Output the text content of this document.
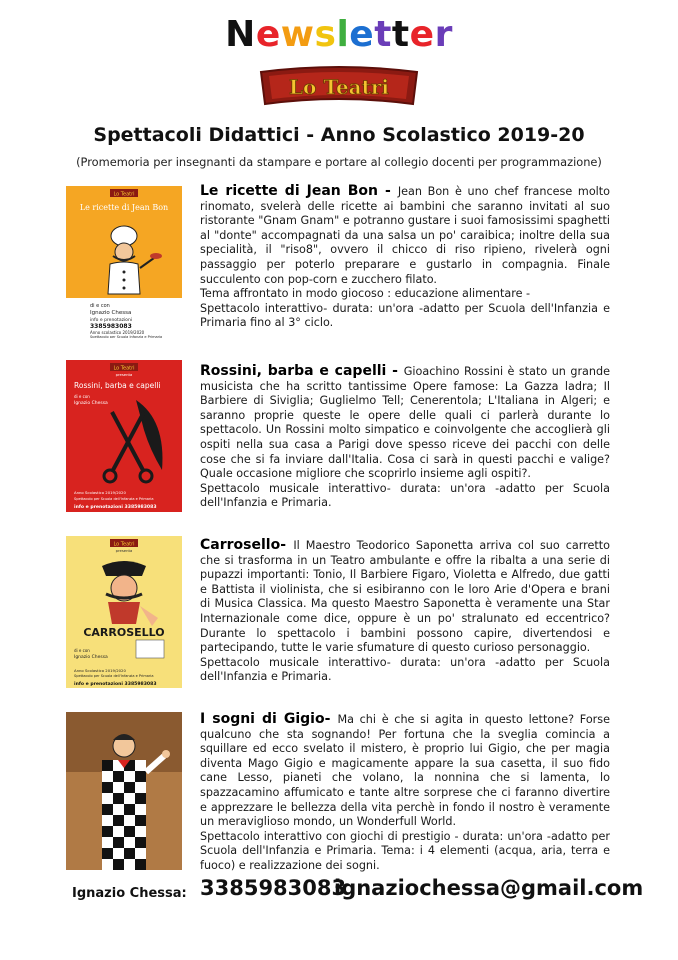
Newsletter
Lo Teatri
Spettacoli Didattici - Anno Scolastico 2019-20
(Promemoria per insegnanti da stampare e portare al collegio docenti per programmazione)
Lo Teatri
Le ricette di Jean Bon
di e con
Ignazio Chessa
info e prenotazioni
3385983083
Anno scolastico 2019/2020
Spettacolo per Scuola Infanzia e Primaria

Le ricette di Jean Bon - Jean Bon è uno chef francese molto rinomato, svelerà delle ricette ai bambini che saranno invitati al suo ristorante "Gnam Gnam" e potranno gustare i suoi famosissimi spaghetti al "donte" accompagnati da una salsa un po' caraibica; inoltre della sua specialità, il "riso8", ovvero il chicco di riso ripieno, rivelerà ogni passaggio per poterlo preparare e gustarlo in compagnia. Finale succulento con pop-corn e zucchero filato.

Tema affrontato in modo giocoso : educazione alimentare -

Spettacolo interattivo- durata: un'ora -adatto per Scuola dell'Infanzia e Primaria fino al 3° ciclo.

Lo Teatri
presenta
Rossini, barba e capelli
di e con
Ignazio Chessa
Anno Scolastico 2019/2020
Spettacolo per Scuola dell'Infanzia e Primaria
info e prenotazioni 3385983083

Rossini, barba e capelli - Gioachino Rossini è stato un grande musicista che ha scritto tantissime Opere famose: La Gazza ladra; Il Barbiere di Siviglia; Guglielmo Tell; Cenerentola; L'Italiana in Algeri; e saranno proprie queste le opere delle quali ci parlerà durante lo spettacolo. Un Rossini molto simpatico e coinvolgente che accoglierà gli ospiti nella sua casa a Parigi dove spesso riceve dei pacchi con delle cose che si fa inviare dall'Italia. Cosa ci sarà in questi pacchi e valige? Quale occasione migliore che scoprirlo insieme agli ospiti?.

Spettacolo musicale interattivo- durata: un'ora -adatto per Scuola dell'Infanzia e Primaria.

Lo Teatri
presenta
CARROSELLO
di e con
Ignazio Chessa
Anno Scolastico 2019/2020
Spettacolo per Scuola dell'Infanzia e Primaria
info e prenotazioni 3385983083

Carrosello- Il Maestro Teodorico Saponetta arriva col suo carretto che si trasforma in un Teatro ambulante e offre la ribalta a una serie di pupazzi importanti: Tonio, Il Barbiere Figaro, Violetta e Alfredo, due gatti e Battista il violinista, che si esibiranno con le loro Arie d'Opera e brani di Musica Classica. Ma questo Maestro Saponetta è veramente una Star Internazionale come dice, oppure è un po' stralunato ed eccentrico? Durante lo spettacolo i bambini possono capire, divertendosi e partecipando, tutte le varie sfumature di questo curioso personaggio.

Spettacolo musicale interattivo- durata: un'ora -adatto per Scuola dell'Infanzia e Primaria.

I sogni di Gigio- Ma chi è che si agita in questo lettone? Forse qualcuno che sta sognando! Per fortuna che la sveglia comincia a squillare ed ecco svelato il mistero, è proprio lui Gigio, che per magia diventa Mago Gigio e magicamente appare la sua casetta, il suo fido cane Lesso, pianeti che volano, la nonnina che si lamenta, lo spazzacamino affumicato e tante altre sorprese che ci faranno divertire e apprezzare le bellezza della vita perchè in fondo il nostro è veramente un meraviglioso mondo, un Wonderfull World.

Spettacolo interattivo con giochi di prestigio - durata: un'ora -adatto per Scuola dell'Infanzia e Primaria. Tema: i 4 elementi (acqua, aria, terra e fuoco) e realizzazione dei sogni.

Ignazio Chessa: 3385983083
ignaziochessa@gmail.com
